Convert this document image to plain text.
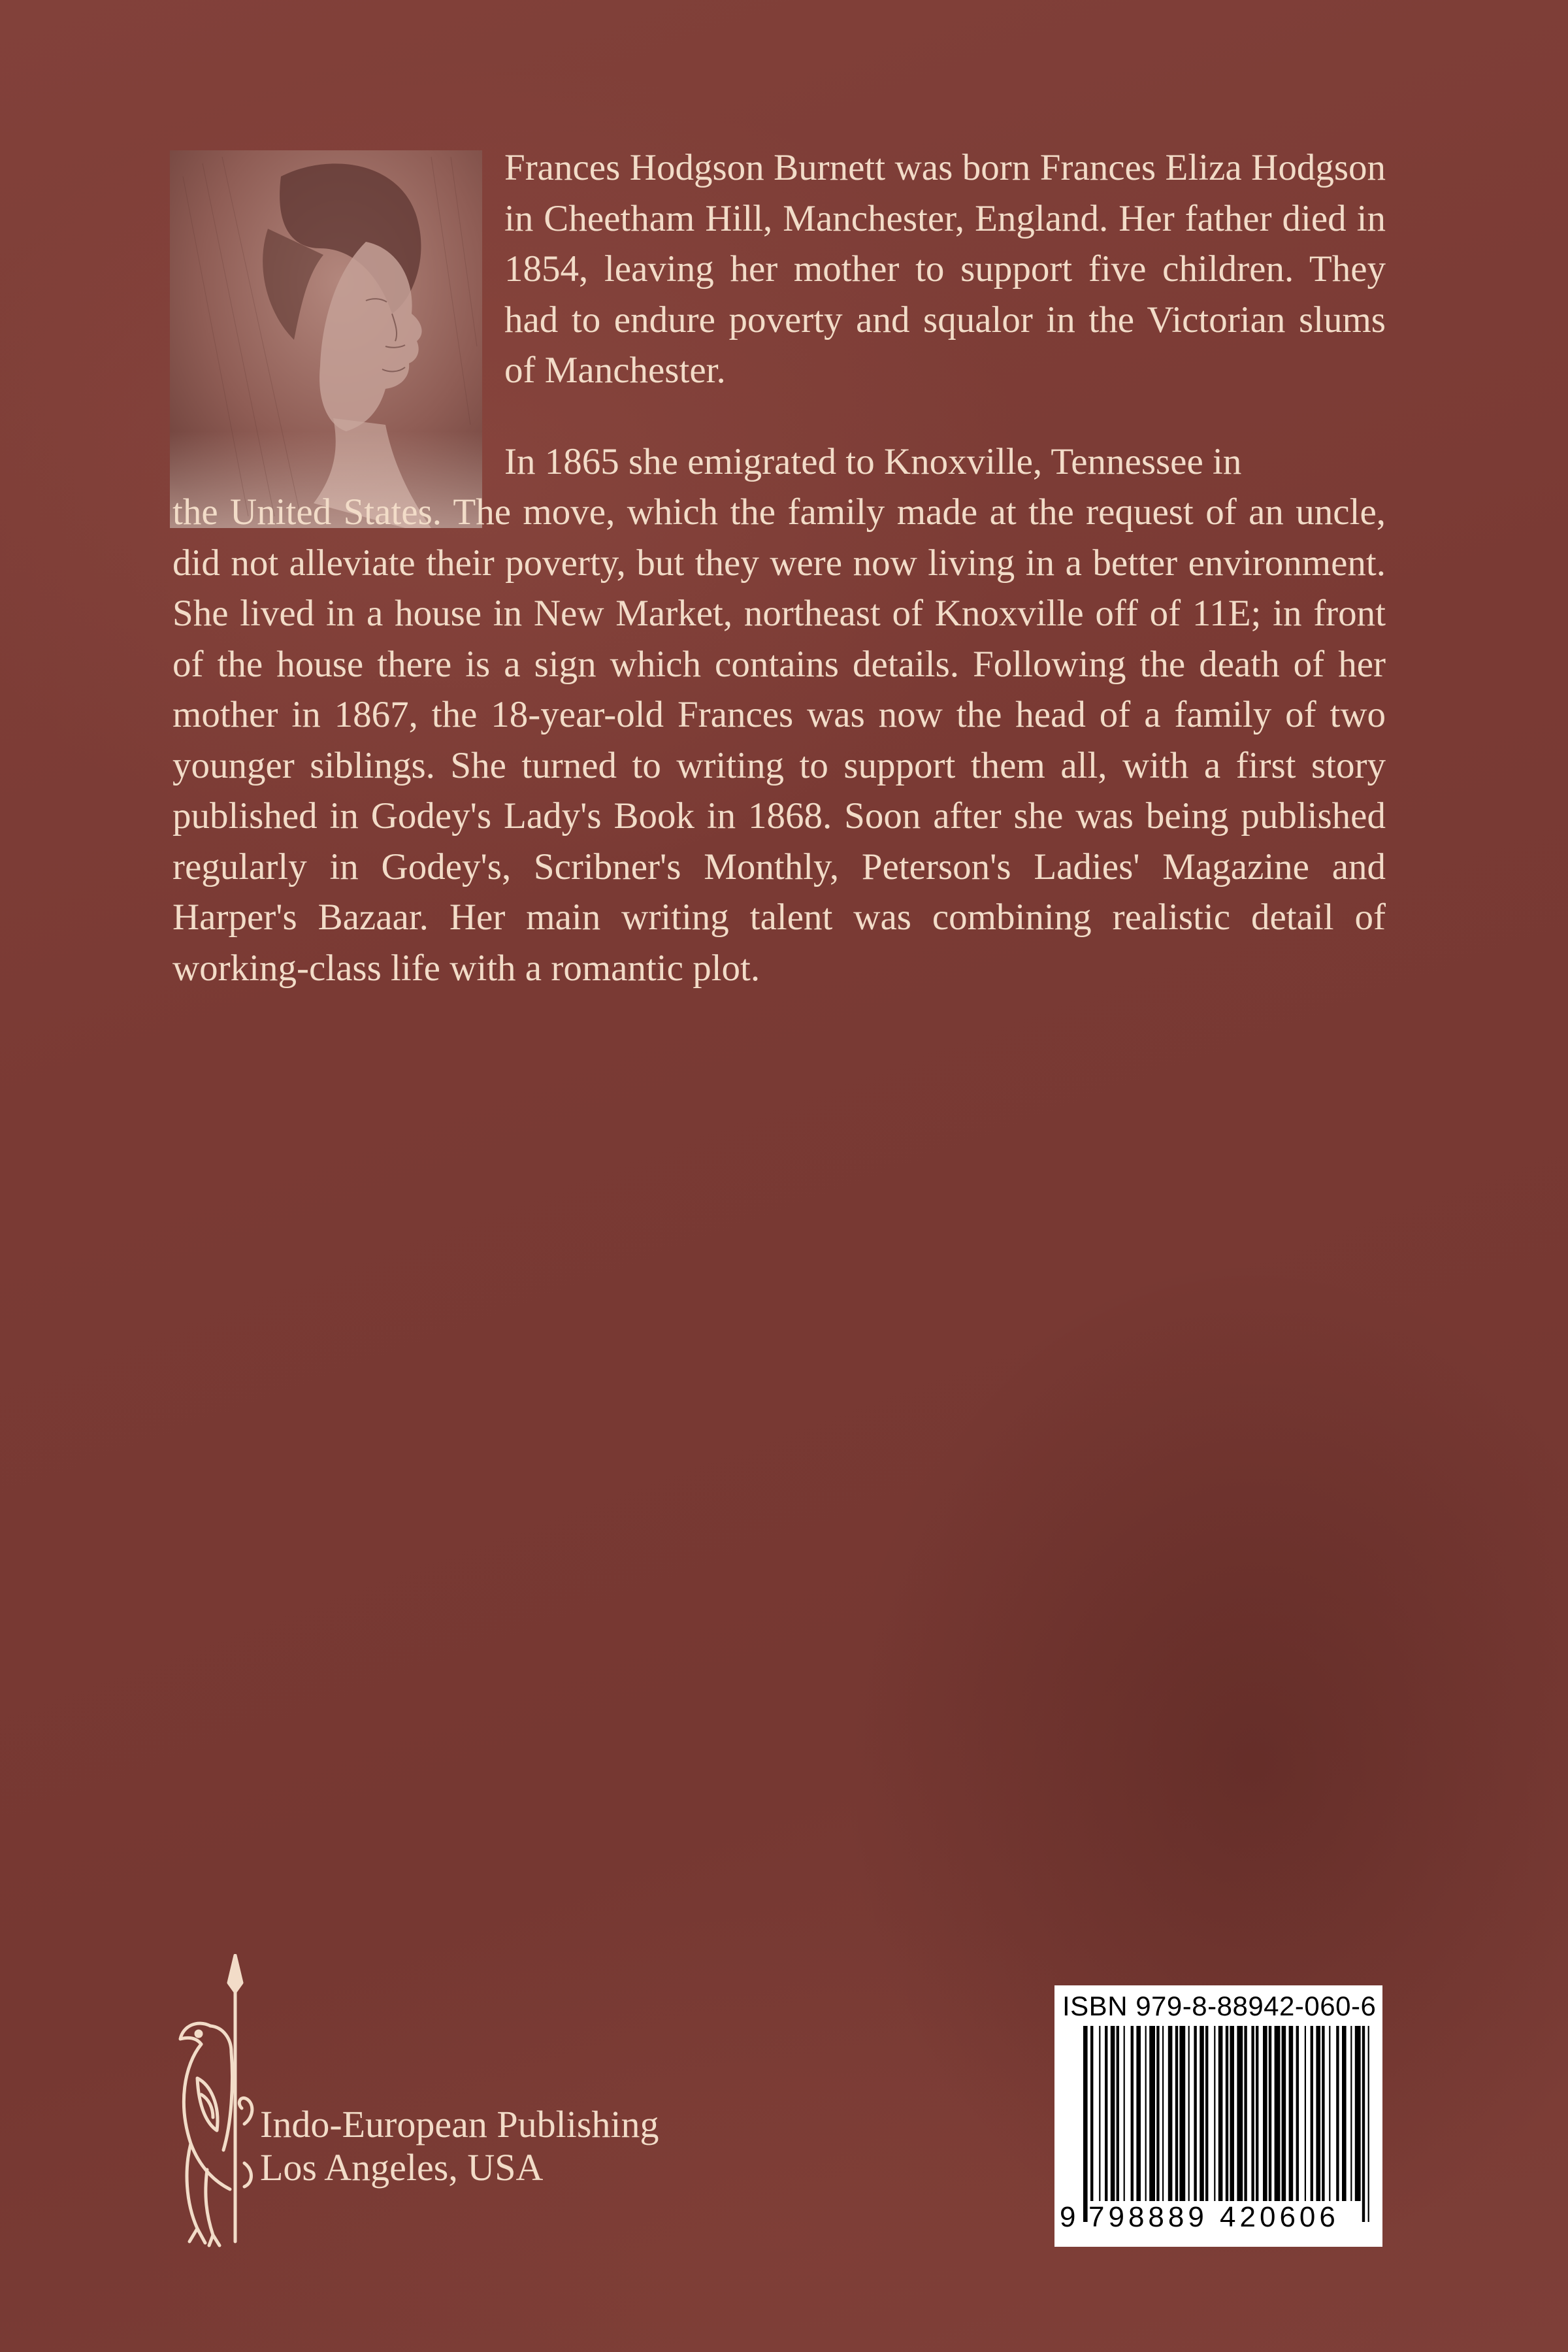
Frances Hodgson Burnett was born Frances Eliza Hodgson in Cheetham Hill, Manchester, England. Her father died in 1854, leaving her mother to support five children. They had to endure poverty and squalor in the Victorian slums of Manchester.

In 1865 she emigrated to Knoxville, Tennessee in
the United States. The move, which the family made at the request of an uncle, did not alleviate their poverty, but they were now living in a better environment. She lived in a house in New Market, northeast of Knoxville off of 11E; in front of the house there is a sign which contains details. Following the death of her mother in 1867, the 18-year-old Frances was now the head of a family of two younger siblings. She turned to writing to support them all, with a first story published in Godey's Lady's Book in 1868. Soon after she was being published regularly in Godey's, Scribner's Monthly, Peterson's Ladies' Magazine and Harper's Bazaar. Her main writing talent was combining realistic detail of working-class life with a romantic plot.

Indo-European Publishing
Los Angeles, USA
ISBN 979-8-88942-060-6
9 798889 420606
